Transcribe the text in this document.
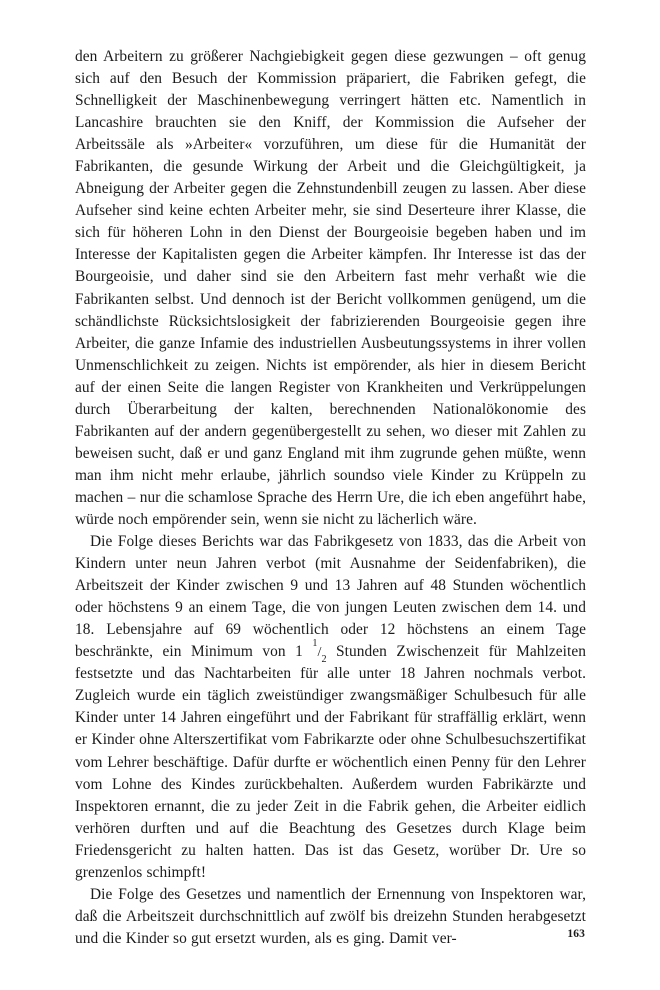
den Arbeitern zu größerer Nachgiebigkeit gegen diese gezwungen – oft genug sich auf den Besuch der Kommission präpariert, die Fabriken gefegt, die Schnelligkeit der Maschinenbewegung verringert hätten etc. Namentlich in Lancashire brauchten sie den Kniff, der Kommission die Aufseher der Arbeitssäle als »Arbeiter« vorzuführen, um diese für die Humanität der Fabrikanten, die gesunde Wirkung der Arbeit und die Gleichgültigkeit, ja Abneigung der Arbeiter gegen die Zehnstundenbill zeugen zu lassen. Aber diese Aufseher sind keine echten Arbeiter mehr, sie sind Deserteure ihrer Klasse, die sich für höheren Lohn in den Dienst der Bourgeoisie begeben haben und im Interesse der Kapitalisten gegen die Arbeiter kämpfen. Ihr Interesse ist das der Bourgeoisie, und daher sind sie den Arbeitern fast mehr verhaßt wie die Fabrikanten selbst. Und dennoch ist der Bericht vollkommen genügend, um die schändlichste Rücksichtslosigkeit der fabrizierenden Bourgeoisie gegen ihre Arbeiter, die ganze Infamie des industriellen Ausbeutungssystems in ihrer vollen Unmenschlichkeit zu zeigen. Nichts ist empörender, als hier in diesem Bericht auf der einen Seite die langen Register von Krankheiten und Verkrüppelungen durch Überarbeitung der kalten, berechnenden Nationalökonomie des Fabrikanten auf der andern gegenübergestellt zu sehen, wo dieser mit Zahlen zu beweisen sucht, daß er und ganz England mit ihm zugrunde gehen müßte, wenn man ihm nicht mehr erlaube, jährlich soundso viele Kinder zu Krüppeln zu machen – nur die schamlose Sprache des Herrn Ure, die ich eben angeführt habe, würde noch empörender sein, wenn sie nicht zu lächerlich wäre.

Die Folge dieses Berichts war das Fabrikgesetz von 1833, das die Arbeit von Kindern unter neun Jahren verbot (mit Ausnahme der Seidenfabriken), die Arbeitszeit der Kinder zwischen 9 und 13 Jahren auf 48 Stunden wöchentlich oder höchstens 9 an einem Tage, die von jungen Leuten zwischen dem 14. und 18. Lebensjahre auf 69 wöchentlich oder 12 höchstens an einem Tage beschränkte, ein Minimum von 1 $^1/_2$ Stunden Zwischenzeit für Mahlzeiten festsetzte und das Nachtarbeiten für alle unter 18 Jahren nochmals verbot. Zugleich wurde ein täglich zweistündiger zwangsmäßiger Schulbesuch für alle Kinder unter 14 Jahren eingeführt und der Fabrikant für straffällig erklärt, wenn er Kinder ohne Alterszertifikat vom Fabrikarzte oder ohne Schulbesuchszertifikat vom Lehrer beschäftige. Dafür durfte er wöchentlich einen Penny für den Lehrer vom Lohne des Kindes zurückbehalten. Außerdem wurden Fabrikärzte und Inspektoren ernannt, die zu jeder Zeit in die Fabrik gehen, die Arbeiter eidlich verhören durften und auf die Beachtung des Gesetzes durch Klage beim Friedensgericht zu halten hatten. Das ist das Gesetz, worüber Dr. Ure so grenzenlos schimpft!

Die Folge des Gesetzes und namentlich der Ernennung von Inspektoren war, daß die Arbeitszeit durchschnittlich auf zwölf bis dreizehn Stunden herabgesetzt und die Kinder so gut ersetzt wurden, als es ging. Damit ver-	163
